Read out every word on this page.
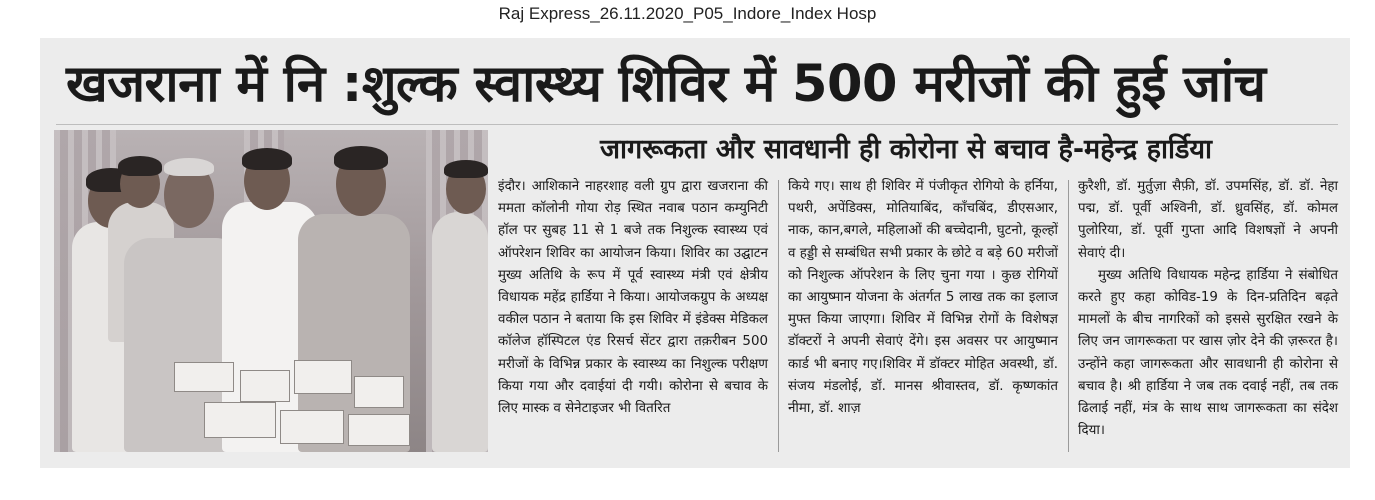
Raj Express_26.11.2020_P05_Indore_Index Hosp
खजराना में नि :शुल्क स्वास्थ्य शिविर में 500 मरीजों की हुई जांच
जागरूकता और सावधानी ही कोरोना से बचाव है-महेन्द्र हार्डिया
इंदौर। आशिकाने नाहरशाह वली ग्रुप द्वारा खजराना की ममता कॉलोनी गोया रोड़ स्थित नवाब पठान कम्युनिटी हॉल पर सुबह 11 से 1 बजे तक निशुल्क स्वास्थ्य एवं ऑपरेशन शिविर का आयोजन किया। शिविर का उद्घाटन मुख्य अतिथि के रूप में पूर्व स्वास्थ्य मंत्री एवं क्षेत्रीय विधायक महेंद्र हार्डिया ने किया। आयोजकग्रुप के अध्यक्ष वकील पठान ने बताया कि इस शिविर में इंडेक्स मेडिकल कॉलेज हॉस्पिटल एंड रिसर्च सेंटर द्वारा तक़रीबन 500 मरीजों के विभिन्न प्रकार के स्वास्थ्य का निशुल्क परीक्षण किया गया और दवाईयां दी गयी। कोरोना से बचाव के लिए मास्क व सेनेटाइजर भी वितरित
किये गए। साथ ही शिविर में पंजीकृत रोगियो के हर्निया, पथरी, अपेंडिक्स, मोतियाबिंद, काँचबिंद, डीएसआर, नाक, कान,बगले, महिलाओं की बच्चेदानी, घुटनो, कूल्हों व हड्डी से सम्बंधित सभी प्रकार के छोटे व बड़े 60 मरीजों को निशुल्क ऑपरेशन के लिए चुना गया । कुछ रोगियों का आयुष्मान योजना के अंतर्गत 5 लाख तक का इलाज मुफ्त किया जाएगा। शिविर में विभिन्न रोगों के विशेषज्ञ डॉक्टरों ने अपनी सेवाएं देंगे। इस अवसर पर आयुष्मान कार्ड भी बनाए गए।शिविर में डॉक्टर मोहित अवस्थी, डॉ. संजय मंडलोई, डॉ. मानस श्रीवास्तव, डॉ. कृष्णकांत नीमा, डॉ. शाज़

कुरैशी, डॉ. मुर्तुज़ा सैफ़ी, डॉ. उपमसिंह, डॉ. डॉ. नेहा पद्म, डॉ. पूर्वी अश्विनी, डॉ. ध्रुवसिंह, डॉ. कोमल पुलोरिया, डॉ. पूर्वी गुप्ता आदि विशषज्ञों ने अपनी सेवाएं दी।

मुख्य अतिथि विधायक महेन्द्र हार्डिया ने संबोधित करते हुए कहा कोविड-19 के दिन-प्रतिदिन बढ़ते मामलों के बीच नागरिकों को इससे सुरक्षित रखने के लिए जन जागरूकता पर खास ज़ोर देने की ज़रूरत है। उन्होंने कहा जागरूकता और सावधानी ही कोरोना से बचाव है। श्री हार्डिया ने जब तक दवाई नहीं, तब तक ढिलाई नहीं, मंत्र के साथ साथ जागरूकता का संदेश दिया।
